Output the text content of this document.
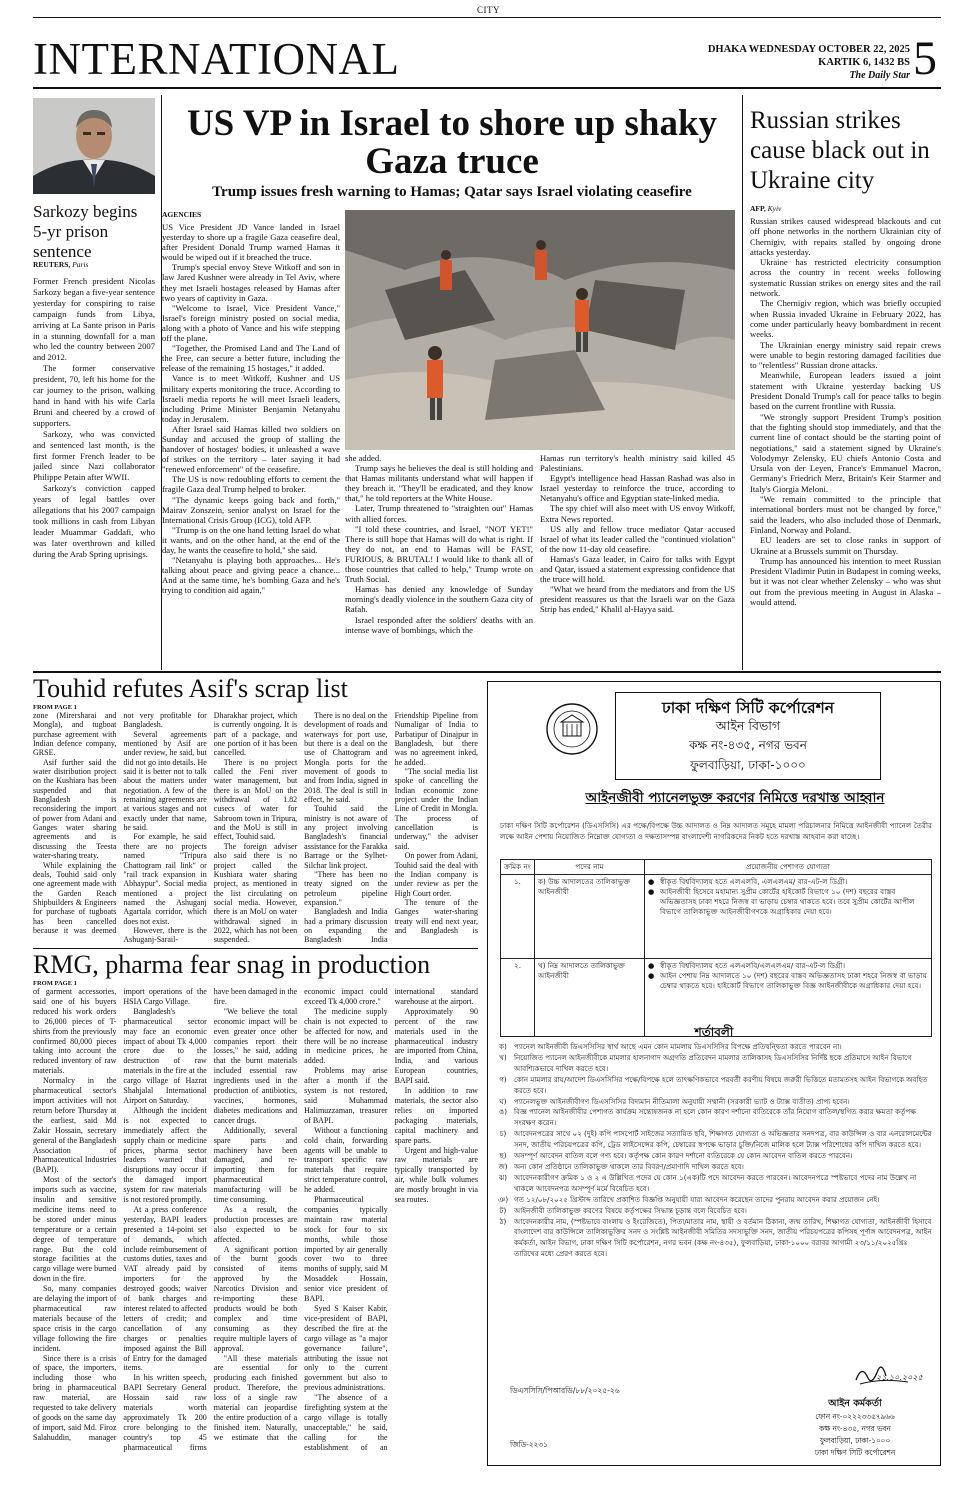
CITY
INTERNATIONAL	DHAKA WEDNESDAY OCTOBER 22, 2025
KARTIK 6, 1432 BS
The Daily Star 5
Sarkozy begins 5-yr prison sentence
REUTERS, Paris

Former French president Nicolas Sarkozy began a five-year sentence yesterday for conspiring to raise campaign funds from Libya, arriving at La Sante prison in Paris in a stunning downfall for a man who led the country between 2007 and 2012.

The former conservative president, 70, left his home for the car journey to the prison, walking hand in hand with his wife Carla Bruni and cheered by a crowd of supporters.

Sarkozy, who was convicted and sentenced last month, is the first former French leader to be jailed since Nazi collaborator Philippe Petain after WWII.

Sarkozy's conviction capped years of legal battles over allegations that his 2007 campaign took millions in cash from Libyan leader Muammar Gaddafi, who was later overthrown and killed during the Arab Spring uprisings.

US VP in Israel to shore up shaky Gaza truce
Trump issues fresh warning to Hamas; Qatar says Israel violating ceasefire
AGENCIES

US Vice President JD Vance landed in Israel yesterday to shore up a fragile Gaza ceasefire deal, after President Donald Trump warned Hamas it would be wiped out if it breached the truce.

Trump's special envoy Steve Witkoff and son in law Jared Kushner were already in Tel Aviv, where they met Israeli hostages released by Hamas after two years of captivity in Gaza.

"Welcome to Israel, Vice President Vance," Israel's foreign ministry posted on social media, along with a photo of Vance and his wife stepping off the plane.

"Together, the Promised Land and The Land of the Free, can secure a better future, including the release of the remaining 15 hostages," it added.

Vance is to meet Witkoff, Kushner and US military experts monitoring the truce. According to Israeli media reports he will meet Israeli leaders, including Prime Minister Benjamin Netanyahu today in Jerusalem.

After Israel said Hamas killed two soldiers on Sunday and accused the group of stalling the handover of hostages' bodies, it unleashed a wave of strikes on the territory – later saying it had "renewed enforcement" of the ceasefire.

The US is now redoubling efforts to cement the fragile Gaza deal Trump helped to broker.

"The dynamic keeps going back and forth," Mairav Zonszein, senior analyst on Israel for the International Crisis Group (ICG), told AFP.

"Trump is on the one hand letting Israel do what it wants, and on the other hand, at the end of the day, he wants the ceasefire to hold," she said.

"Netanyahu is playing both approaches... He's talking about peace and giving peace a chance... And at the same time, he's bombing Gaza and he's trying to condition aid again,"

she added.

Trump says he believes the deal is still holding and that Hamas militants understand what will happen if they breach it. "They'll be eradicated, and they know that," he told reporters at the White House.

Later, Trump threatened to "straighten out" Hamas with allied forces.

"I told these countries, and Israel, "NOT YET!" There is still hope that Hamas will do what is right. If they do not, an end to Hamas will be FAST, FURIOUS, & BRUTAL! I would like to thank all of those countries that called to help," Trump wrote on Truth Social.

Hamas has denied any knowledge of Sunday morning's deadly violence in the southern Gaza city of Rafah.

Israel responded after the soldiers' deaths with an intense wave of bombings, which the

Hamas run territory's health ministry said killed 45 Palestinians.

Egypt's intelligence head Hassan Rashad was also in Israel yesterday to reinforce the truce, according to Netanyahu's office and Egyptian state-linked media.

The spy chief will also meet with US envoy Witkoff, Extra News reported.

US ally and fellow truce mediator Qatar accused Israel of what its leader called the "continued violation" of the now 11-day old ceasefire.

Hamas's Gaza leader, in Cairo for talks with Egypt and Qatar, issued a statement expressing confidence that the truce will hold.

"What we heard from the mediators and from the US president reassures us that the Israeli war on the Gaza Strip has ended," Khalil al-Hayya said.

Russian strikes cause black out in Ukraine city
AFP, Kyiv

Russian strikes caused widespread blackouts and cut off phone networks in the northern Ukrainian city of Chernigiv, with repairs stalled by ongoing drone attacks yesterday.

Ukraine has restricted electricity consumption across the country in recent weeks following systematic Russian strikes on energy sites and the rail network.

The Chernigiv region, which was briefly occupied when Russia invaded Ukraine in February 2022, has come under particularly heavy bombardment in recent weeks.

The Ukrainian energy ministry said repair crews were unable to begin restoring damaged facilities due to "relentless" Russian drone attacks.

Meanwhile, European leaders issued a joint statement with Ukraine yesterday backing US President Donald Trump's call for peace talks to begin based on the current frontline with Russia.

"We strongly support President Trump's position that the fighting should stop immediately, and that the current line of contact should be the starting point of negotiations," said a statement signed by Ukraine's Volodymyr Zelensky, EU chiefs Antonio Costa and Ursula von der Leyen, France's Emmanuel Macron, Germany's Friedrich Merz, Britain's Keir Starmer and Italy's Giorgia Meloni.

"We remain committed to the principle that international borders must not be changed by force," said the leaders, who also included those of Denmark, Finland, Norway and Poland.

EU leaders are set to close ranks in support of Ukraine at a Brussels summit on Thursday.

Trump has announced his intention to meet Russian President Vladimir Putin in Budapest in coming weeks, but it was not clear whether Zelensky – who was shut out from the previous meeting in August in Alaska – would attend.

Touhid refutes Asif's scrap list
FROM PAGE 1

zone (Mirersharai and Mongla), and tugboat purchase agreement with Indian defence company, GRSE.

Asif further said the water distribution project on the Kushiara has been suspended and that Bangladesh is reconsidering the import of power from Adani and Ganges water sharing agreements and is discussing the Teesta water-sharing treaty.

While explaining the deals, Touhid said only one agreement made with the Garden Reach Shipbuilders & Engineers for purchase of tugboats has been cancelled because it was deemed not very profitable for Bangladesh.

Several agreements mentioned by Asif are under review, he said, but did not go into details. He said it is better not to talk about the matters under negotiation. A few of the remaining agreements are at various stages and not exactly under that name, he said.

For example, he said there are no projects named "Tripura Chattogram rail link" or "rail track expansion in Abhaypur". Social media mentioned a project named the Ashuganj Agartala corridor, which does not exist.

However, there is the Ashuganj-Sarail-Dharakhar project, which is currently ongoing. It is part of a package, and one portion of it has been cancelled.

There is no project called the Feni river water management, but there is an MoU on the withdrawal of 1.82 cusecs of water for Sabroom town in Tripura, and the MoU is still in effect, Touhid said.

The foreign adviser also said there is no project called the Kushiara water sharing project, as mentioned in the list circulating on social media. However, there is an MoU on water withdrawal signed in 2022, which has not been suspended.

There is no deal on the development of roads and waterways for port use, but there is a deal on the use of Chattogram and Mongla ports for the movement of goods to and from India, signed in 2018. The deal is still in effect, he said.

Touhid said the ministry is not aware of any project involving Bangladesh's financial assistance for the Farakka Barrage or the Sylhet-Silchar link project.

"There has been no treaty signed on the petroleum pipeline expansion."

Bangladesh and India had a primary discussion on expanding the Bangladesh India Friendship Pipeline from Numaligar of India to Parbatipur of Dinajpur in Bangladesh, but there was no agreement inked, he added.

"The social media list spoke of cancelling the Indian economic zone project under the Indian Line of Credit in Mongla. The process of cancellation is underway," the adviser said.

On power from Adani, Touhid said the deal with the Indian company is under review as per the High Court order.

The tenure of the Ganges water-sharing treaty will end next year, and Bangladesh is

RMG, pharma fear snag in production
FROM PAGE 1

of garment accessories, said one of his buyers reduced his work orders to 26,000 pieces of T-shirts from the previously confirmed 80,000 pieces taking into account the reduced inventory of raw materials.

Normalcy in the pharmaceutical sector's import activities will not return before Thursday at the earliest, said Md Zakir Hossain, secretary general of the Bangladesh Association of Pharmaceutical Industries (BAPI).

Most of the sector's imports such as vaccine, insulin and sensitive medicine items need to be stored under minus temperature or a certain degree of temperature range. But the cold storage facilities at the cargo village were burned down in the fire.

So, many companies are delaying the import of pharmaceutical raw materials because of the space crisis in the cargo village following the fire incident.

Since there is a crisis of space, the importers, including those who bring in pharmaceutical raw material, are requested to take delivery of goods on the same day of import, said Md. Firoz Salahuddin, manager import operations of the HSIA Cargo Village.

Bangladesh's pharmaceutical sector may face an economic impact of about Tk 4,000 crore due to the destruction of raw materials in the fire at the cargo village of Hazrat Shahjalal International Airport on Saturday.

Although the incident is not expected to immediately affect the supply chain or medicine prices, pharma sector leaders warned that disruptions may occur if the damaged import system for raw materials is not restored promptly.

At a press conference yesterday, BAPI leaders presented a 14-point set of demands, which include reimbursement of customs duties, taxes and VAT already paid by importers for the destroyed goods; waiver of bank charges and interest related to affected letters of credit; and cancellation of any charges or penalties imposed against the Bill of Entry for the damaged items.

In his written speech, BAPI Secretary General Hossain said raw materials worth approximately Tk 200 crore belonging to the country's top 45 pharmaceutical firms have been damaged in the fire.

"We believe the total economic impact will be even greater once other companies report their losses," he said, adding that the burnt materials included essential raw ingredients used in the production of antibiotics, vaccines, hormones, diabetes medications and cancer drugs.

Additionally, several spare parts and machinery have been damaged, and re-importing them for pharmaceutical manufacturing will be time consuming.

As a result, the production processes are also expected to be affected.

A significant portion of the burnt goods consisted of items approved by the Narcotics Division and re-importing these products would be both complex and time consuming as they require multiple layers of approval.

"All these materials are essential for producing each finished product. Therefore, the loss of a single raw material can jeopardise the entire production of a finished item. Naturally, we estimate that the economic impact could exceed Tk 4,000 crore."

The medicine supply chain is not expected to be affected for now, and there will be no increase in medicine prices, he added.

Problems may arise after a month if the system is not restored, said Muhammad Halimuzzaman, treasurer of BAPI.

Without a functioning cold chain, forwarding agents will be unable to transport specific raw materials that require strict temperature control, he added.

Pharmaceutical companies typically maintain raw material stock for four to six months, while those imported by air generally cover two to three months of supply, said M Mosaddek Hossain, senior vice president of BAPI.

Syed S Kaiser Kabir, vice-president of BAPI, described the fire at the cargo village as "a major governance failure", attributing the issue not only to the current government but also to previous administrations.

"The absence of a firefighting system at the cargo village is totally unacceptable," he said, calling for the establishment of an international standard warehouse at the airport.

Approximately 90 percent of the raw materials used in the pharmaceutical industry are imported from China, India, and various European countries, BAPI said.

In addition to raw materials, the sector also relies on imported packaging materials, capital machinery and spare parts.

Urgent and high-value raw materials are typically transported by air, while bulk volumes are mostly brought in via sea routes.

ঢাকা দক্ষিণ সিটি কর্পোরেশন
আইন বিভাগ
কক্ষ নং-৪৩৫, নগর ভবন
ফুলবাড়িয়া, ঢাকা-১০০০
আইনজীবী প্যানেলভুক্ত করণের নিমিত্তে দরখাস্ত আহ্বান
ঢাকা দক্ষিণ সিটি কর্পোরেশন (ডিএসসিসি) এর পক্ষে/বিপক্ষে উচ্চ আদালত ও নিম্ন আদালত সমূহে মামলা পরিচালনার নিমিত্তে আইনজীবী প্যানেল তৈরীর লক্ষে আইন পেশায় নিয়োজিত নিম্নোক্ত যোগ্যতা ও দক্ষতাসম্পন্ন বাংলাদেশী নাগরিকদের নিকট হতে দরখাস্ত আহবান করা যাচ্ছে।
ক্রমিক নং	পদের নাম	প্রয়োজনীয় পেশাগত যোগ্যতা
১.	ক) উচ্চ আদালতের তালিকাভুক্ত আইনজীবী	● স্বীকৃত বিশ্ববিদ্যালয় হতে এলএলবি, এলএলএম/ বার-এট-ল ডিগ্রী।
● আইনজীবী হিসেবে মহামান্য সুপ্রীম কোর্টের হাইকোর্ট বিভাগে ১০ (দশ) বছরের বাস্তব অভিজ্ঞতাসহ ঢাকা শহরে নিজস্ব বা ভাড়ায় চেম্বার থাকতে হবে। তবে সুপ্রীম কোর্টের আপীল বিভাগে তালিকাভুক্ত আইনজীবীগণকে অগ্রাধিকার দেয়া হবে।

২.	খ) নিম্ন আদালতে তালিকাভুক্ত আইনজীবী	● স্বীকৃত বিশ্ববিদ্যালয় হতে এলএলবি/এলএলএম/ বার-এট-ল ডিগ্রী।
● আইন পেশায় নিম্ন আদালতে ১০ (দশ) বছরের বাস্তব অভিজ্ঞতাসহ ঢাকা শহরে নিজস্ব বা ভাড়ায় চেম্বার থাকতে হবে। হাইকোর্ট বিভাগে তালিকাভুক্ত বিজ্ঞ আইনজীবীকে অগ্রাধিকার দেয়া হবে।
শর্তাবলী
ক)	প্যানেল আইনজীবী ডিএসসিসির স্বার্থ আছে এমন কোন মামলায় ডিএসসিসির বিপক্ষে প্রতিদ্বন্দ্বিতা করতে পারবেন না।
খ)	নিয়োজিত প্যানেল আইনজীবীকে মামলার হালনাগাদ অগ্রগতি প্রতিবেদন মামলার তালিকাসহ ডিএসসিসির নির্দিষ্ট ছকে প্রতিমাসে আইন বিভাগে আবশ্যিকভাবে দাখিল করতে হবে।
গ)	কোন মামলার রায়/আদেশ ডিএসসিসির পক্ষে/বিপক্ষে হলে তাৎক্ষণিকভাবে পরবর্তী করণীয় বিষয়ে জরুরী ভিত্তিতে মতামতসহ আইন বিভাগকে অবহিত করতে হবে।
ঘ)	প্যানেলভুক্ত আইনজীবীগণ ডিএসসিসির বিদ্যমান নীতিমালা অনুযায়ী সম্মানী (সরকারী ভ্যাট ও ট্যাক্স ব্যতীত) প্রাপ্য হবেন।
ঙ) বিজ্ঞ প্যানেল আইনজীবীর পেশাগত কার্যক্রম সন্তোষজনক না হলে কোন কারণ দর্শানো ব্যতিরেকে তাঁর নিয়োগ বাতিল/স্থগিত করার ক্ষমতা কর্তৃপক্ষ সংরক্ষণ করেন।
চ)	আবেদনপত্রের সাথে ০২ (দুই) কপি পাসপোর্ট সাইজের সত্যায়িত ছবি, শিক্ষাগত যোগ্যতা ও অভিজ্ঞতার সনদপত্র, বার কাউন্সিল ও বার এনরোলমেন্টের সনদ, জাতীয় পরিচয়পত্রের কপি, ট্রেড লাইসেন্সের কপি, চেম্বারের স্বপক্ষে ভাড়ার চুক্তি/নিজে মালিক হলে ট্যাক্স পরিশোধের কপি দাখিল করতে হবে।
ছ)	অসম্পূর্ণ আবেদন বাতিল বলে গণ্য হবে। কর্তৃপক্ষ কোন কারণ দর্শানো ব্যতিরেকে যে কোন আবেদন বাতিল করতে পারবেন।
জ) অন্য কোন প্রতিষ্ঠানে তালিকাভুক্ত থাকলে তার বিবরণ/প্রমাণাদি দাখিল করতে হবে।
ঝ) আবেদনকারীগণ ক্রমিক ১ ও ২ এ উল্লিখিত পদের যে কোন ১(এক)টি পদে আবেদন করতে পারবেন। আবেদনপত্রে স্পষ্টভাবে পদের নাম উল্লেখ না থাকলে আবেদনপত্র অসম্পূর্ণ মর্মে বিবেচিত হবে।
ঞ) গত ১২/০৮/২০২৫ খ্রিস্টাব্দ তারিখে প্রকাশিত বিজ্ঞপ্তি অনুযায়ী যারা আবেদন করেছেন তাদের পুনরায় আবেদন করার প্রয়োজন নেই।
ট)	আইনজীবী তালিকাভুক্ত করণের বিষয়ে কর্তৃপক্ষের সিদ্ধান্ত চূড়ান্ত বলে বিবেচিত হবে।
ঠ)	আবেদনকারীর নাম, (স্পষ্টভাবে বাংলায় ও ইংরেজিতে), পিতা/মাতার নাম, স্থায়ী ও বর্তমান ঠিকানা, জন্ম তারিখ, শিক্ষাগত যোগ্যতা, আইনজীবী হিসাবে বাংলাদেশ বার কাউন্সিলে তালিকাভুক্তির সনদ ও সংশ্লিষ্ট আইনজীবী সমিতির সদস্যভুক্তি সনদ, জাতীয় পরিচয়পত্রের কপিসহ পূর্ণাঙ্গ আবেদনপত্র, আইন কর্মকর্তা, আইন বিভাগ, ঢাকা দক্ষিণ সিটি কর্পোরেশন, নগর ভবন (কক্ষ নং-৪৩৫), ফুলবাড়িয়া, ঢাকা-১০০০ বরাবর আগামী ২৩/১১/২০২৫খ্রিঃ তারিখের মধ্যে প্রেরণ করতে হবে।
২১.১০.২০২৫
ডিএসসিসি/পিআরডি/৮৮/২০২৫-২৬
আইন কর্মকর্তা
ফোন নং-০২২২৩৩৫৭৯৬৬
কক্ষ নং-৪৩৫, নগর ভবন
ফুলবাড়িয়া, ঢাকা-১০০০
ঢাকা দক্ষিণ সিটি কর্পোরেশন
জিডি-২২৩১
